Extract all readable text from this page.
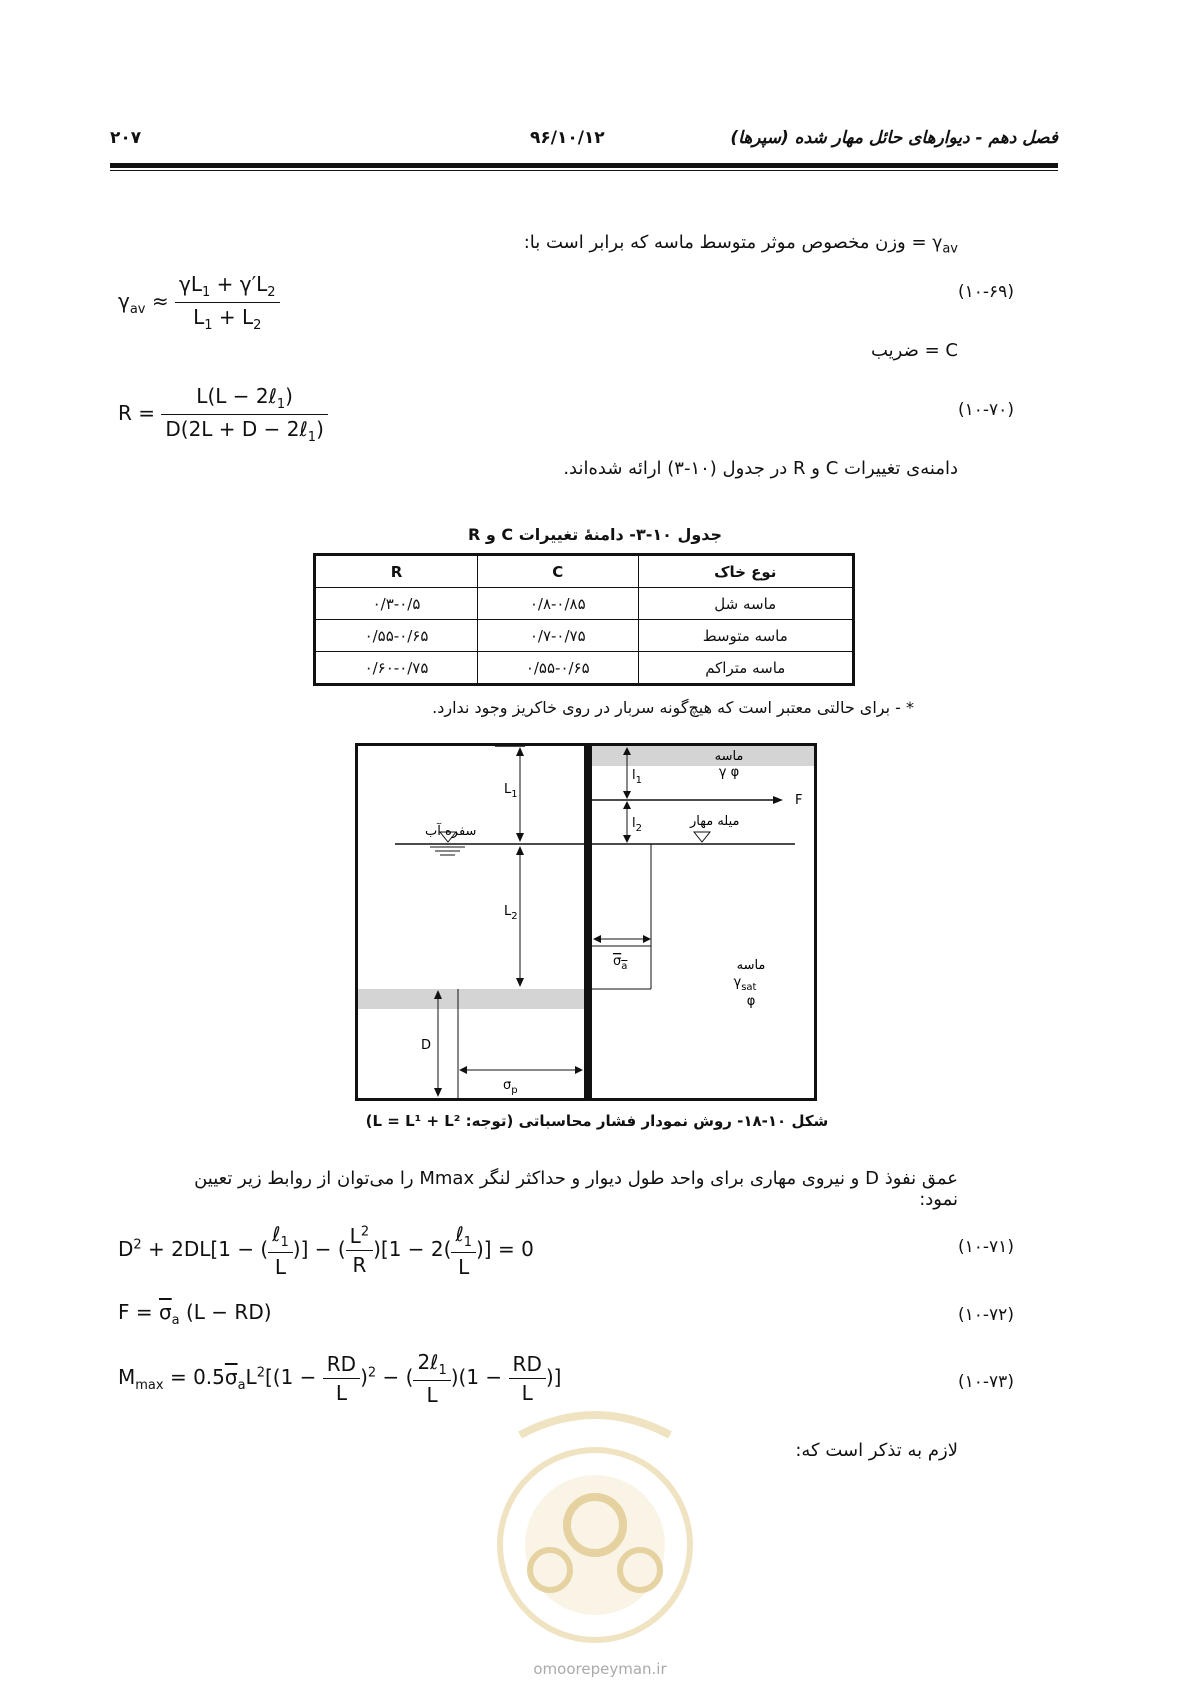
۲۰۷	۹۶/۱۰/۱۲	فصل دهم - دیوارهای حائل مهار شده (سپرها)
$\gamma_{av}$ = وزن مخصوص موثر متوسط ماسه که برابر است با:
$\gamma_{av} \approx \frac{\gamma L_1 + \gamma'L_2}{L_1 + L_2}$	(۱۰-۶۹)
C = ضریب
$R = \frac{L(L - 2\ell_1)}{D(2L + D - 2\ell_1)}$	(۱۰-۷۰)
دامنه‌ی تغییرات C و R در جدول (۱۰-۳) ارائه شده‌اند.
جدول ۱۰-۳- دامنهٔ تغییرات C و R
نوع خاک	C	R
ماسه شل	۰/۸-۰/۸۵	۰/۳-۰/۵
ماسه متوسط	۰/۷-۰/۷۵	۰/۵۵-۰/۶۵
ماسه متراکم	۰/۵۵-۰/۶۵	۰/۶۰-۰/۷۵
* - برای حالتی معتبر است که هیچ‌گونه سربار در روی خاکریز وجود ندارد.
ماسه
γ φ
F
میله مهار
سفره آب
$L_1$
$L_2$
$l_1$
$l_2$
$\sigma_a$
$\sigma_p$
D
ماسه
$\gamma_{sat}$
φ
شکل ۱۰-۱۸- روش نمودار فشار محاسباتی (توجه: L = L¹ + L²)
عمق نفوذ D و نیروی مهاری برای واحد طول دیوار و حداکثر لنگر Mmax را می‌توان از روابط زیر تعیین نمود:
$D^2 + 2DL[1$ − ( $\frac{\ell_1}{L}$ )] − ( $\frac{L^2}{R} )[1 - 2( \frac{\ell_1}{L}$ )] = 0	(۱۰-۷۱)
$F = \overline{\sigma}_a$ (L − RD)	(۱۰-۷۲)
$M_{max} = 0.5\overline{\sigma}_aL^2[(1 - \frac{RD}{L} )^2$ − ( $\frac{2\ell_1}{L} )(1 - \frac{RD}{L}$ )]	(۱۰-۷۳)
لازم به تذکر است که:
omoorepeyman.ir
